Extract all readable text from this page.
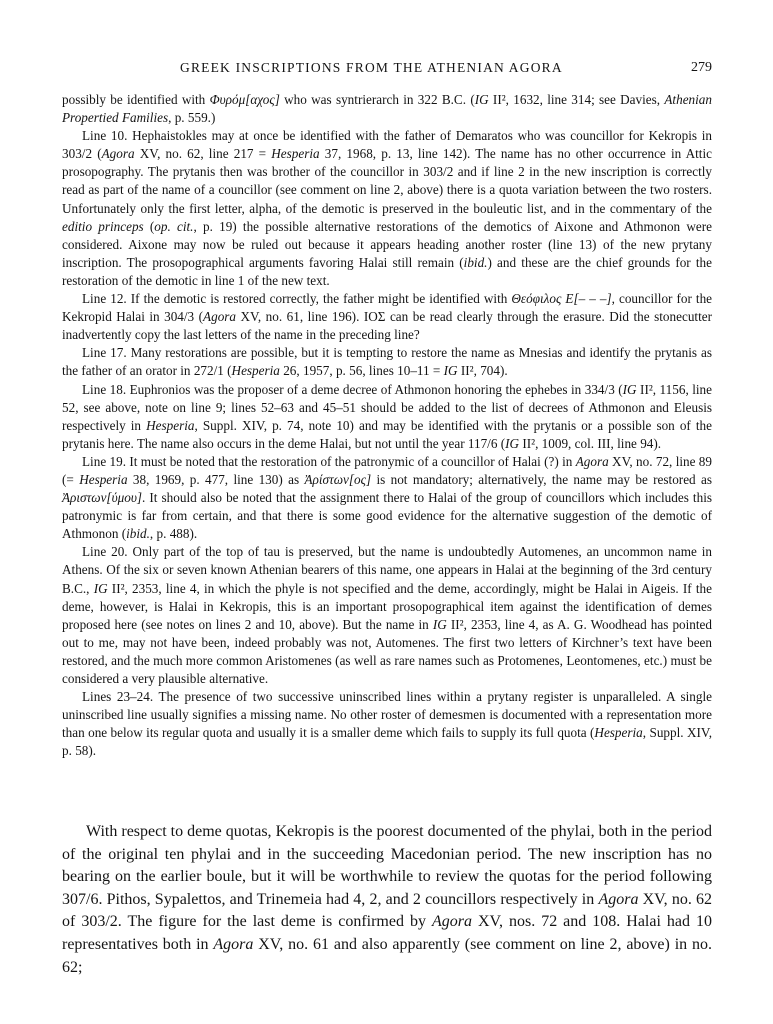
GREEK INSCRIPTIONS FROM THE ATHENIAN AGORA	279

possibly be identified with Φυρόμ[αχος] who was syntrierarch in 322 B.C. (IG II², 1632, line 314; see Davies, Athenian Propertied Families, p. 559.)

Line 10. Hephaistokles may at once be identified with the father of Demaratos who was councillor for Kekropis in 303/2 (Agora XV, no. 62, line 217 = Hesperia 37, 1968, p. 13, line 142). The name has no other occurrence in Attic prosopography. The prytanis then was brother of the councillor in 303/2 and if line 2 in the new inscription is correctly read as part of the name of a councillor (see comment on line 2, above) there is a quota variation between the two rosters. Unfortunately only the first letter, alpha, of the demotic is preserved in the bouleutic list, and in the commentary of the editio princeps (op. cit., p. 19) the possible alternative restorations of the demotics of Aixone and Athmonon were considered. Aixone may now be ruled out because it appears heading another roster (line 13) of the new prytany inscription. The prosopographical arguments favoring Halai still remain (ibid.) and these are the chief grounds for the restoration of the demotic in line 1 of the new text.

Line 12. If the demotic is restored correctly, the father might be identified with Θεόφιλος Ε[– – –], councillor for the Kekropid Halai in 304/3 (Agora XV, no. 61, line 196). ΙΟΣ can be read clearly through the erasure. Did the stonecutter inadvertently copy the last letters of the name in the preceding line?

Line 17. Many restorations are possible, but it is tempting to restore the name as Mnesias and identify the prytanis as the father of an orator in 272/1 (Hesperia 26, 1957, p. 56, lines 10–11 = IG II², 704).

Line 18. Euphronios was the proposer of a deme decree of Athmonon honoring the ephebes in 334/3 (IG II², 1156, line 52, see above, note on line 9; lines 52–63 and 45–51 should be added to the list of decrees of Athmonon and Eleusis respectively in Hesperia, Suppl. XIV, p. 74, note 10) and may be identified with the prytanis or a possible son of the prytanis here. The name also occurs in the deme Halai, but not until the year 117/6 (IG II², 1009, col. III, line 94).

Line 19. It must be noted that the restoration of the patronymic of a councillor of Halai (?) in Agora XV, no. 72, line 89 (= Hesperia 38, 1969, p. 477, line 130) as Ἀρίστων[ος] is not mandatory; alternatively, the name may be restored as Ἀριστων[ύμου]. It should also be noted that the assignment there to Halai of the group of councillors which includes this patronymic is far from certain, and that there is some good evidence for the alternative suggestion of the demotic of Athmonon (ibid., p. 488).

Line 20. Only part of the top of tau is preserved, but the name is undoubtedly Automenes, an uncommon name in Athens. Of the six or seven known Athenian bearers of this name, one appears in Halai at the beginning of the 3rd century B.C., IG II², 2353, line 4, in which the phyle is not specified and the deme, accordingly, might be Halai in Aigeis. If the deme, however, is Halai in Kekropis, this is an important prosopographical item against the identification of demes proposed here (see notes on lines 2 and 10, above). But the name in IG II², 2353, line 4, as A. G. Woodhead has pointed out to me, may not have been, indeed probably was not, Automenes. The first two letters of Kirchner’s text have been restored, and the much more common Aristomenes (as well as rare names such as Protomenes, Leontomenes, etc.) must be considered a very plausible alternative.

Lines 23–24. The presence of two successive uninscribed lines within a prytany register is unparalleled. A single uninscribed line usually signifies a missing name. No other roster of demesmen is documented with a representation more than one below its regular quota and usually it is a smaller deme which fails to supply its full quota (Hesperia, Suppl. XIV, p. 58).

With respect to deme quotas, Kekropis is the poorest documented of the phylai, both in the period of the original ten phylai and in the succeeding Macedonian period. The new inscription has no bearing on the earlier boule, but it will be worthwhile to review the quotas for the period following 307/6. Pithos, Sypalettos, and Trinemeia had 4, 2, and 2 councillors respectively in Agora XV, no. 62 of 303/2. The figure for the last deme is confirmed by Agora XV, nos. 72 and 108. Halai had 10 representatives both in Agora XV, no. 61 and also apparently (see comment on line 2, above) in no. 62;
